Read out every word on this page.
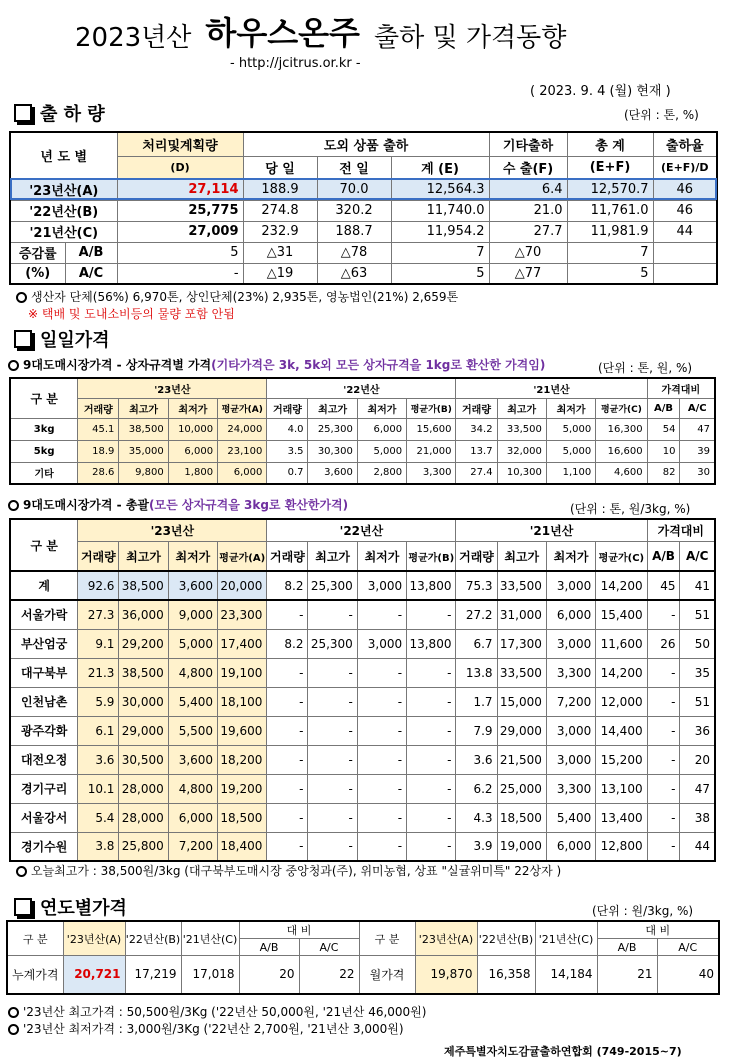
2023년산 하우스온주 출하 및 가격동향
- http://jcitrus.or.kr -
( 2023. 9. 4 (월) 현재 )
출 하 량	(단위 : 톤, %)
년 도 별		처리및계획량	도외 상품 출하			기타출하	총 계	출하율
		(D)	당 일	전 일	계 (E)	수 출(F)	(E+F)	(E+F)/D
'23년산(A)		27,114	188.9	70.0	12,564.3	6.4	12,570.7	46
'22년산(B)		25,775	274.8	320.2	11,740.0	21.0	11,761.0	46
'21년산(C)		27,009	232.9	188.7	11,954.2	27.7	11,981.9	44
증감률	A/B	5	△31	△78	7	△70	7	
(%)	A/C	-	△19	△63	5	△77	5	
생산자 단체(56%) 6,970톤, 상인단체(23%) 2,935톤, 영농법인(21%) 2,659톤
※ 택배 및 도내소비등의 물량 포함 안됨
일일가격
9대도매시장가격 - 상자규격별 가격(기타가격은 3k, 5k외 모든 상자규격을 1kg로 환산한 가격임)	(단위 : 톤, 원, %)
구 분	'23년산				'22년산				'21년산				가격대비	
	거래량	최고가	최저가	평균가(A)	거래량	최고가	최저가	평균가(B)	거래량	최고가	최저가	평균가(C)	A/B	A/C
3kg	45.1	38,500	10,000	24,000	4.0	25,300	6,000	15,600	34.2	33,500	5,000	16,300	54	47
5kg	18.9	35,000	6,000	23,100	3.5	30,300	5,000	21,000	13.7	32,000	5,000	16,600	10	39
기타	28.6	9,800	1,800	6,000	0.7	3,600	2,800	3,300	27.4	10,300	1,100	4,600	82	30
9대도매시장가격 - 총괄(모든 상자규격을 3kg로 환산한가격)	(단위 : 톤, 원/3kg, %)
구 분	'23년산				'22년산				'21년산				가격대비	
	거래량	최고가	최저가	평균가(A)	거래량	최고가	최저가	평균가(B)	거래량	최고가	최저가	평균가(C)	A/B	A/C
계	92.6	38,500	3,600	20,000	8.2	25,300	3,000	13,800	75.3	33,500	3,000	14,200	45	41
서울가락	27.3	36,000	9,000	23,300	-	-	-	-	27.2	31,000	6,000	15,400	-	51
부산엄궁	9.1	29,200	5,000	17,400	8.2	25,300	3,000	13,800	6.7	17,300	3,000	11,600	26	50
대구북부	21.3	38,500	4,800	19,100	-	-	-	-	13.8	33,500	3,300	14,200	-	35
인천남촌	5.9	30,000	5,400	18,100	-	-	-	-	1.7	15,000	7,200	12,000	-	51
광주각화	6.1	29,000	5,500	19,600	-	-	-	-	7.9	29,000	3,000	14,400	-	36
대전오정	3.6	30,500	3,600	18,200	-	-	-	-	3.6	21,500	3,000	15,200	-	20
경기구리	10.1	28,000	4,800	19,200	-	-	-	-	6.2	25,000	3,300	13,100	-	47
서울강서	5.4	28,000	6,000	18,500	-	-	-	-	4.3	18,500	5,400	13,400	-	38
경기수원	3.8	25,800	7,200	18,400	-	-	-	-	3.9	19,000	6,000	12,800	-	44
오늘최고가 : 38,500원/3kg (대구북부도매시장 중앙청과(주), 위미농협, 상표 "실귤위미특" 22상자 )
연도별가격	(단위 : 원/3kg, %)
구 분	'23년산(A)	'22년산(B)	'21년산(C)	대 비		구 분	'23년산(A)	'22년산(B)	'21년산(C)	대 비	
				A/B	A/C					A/B	A/C
누계가격	20,721	17,219	17,018	20	22	월가격	19,870	16,358	14,184	21	40
'23년산 최고가격 : 50,500원/3Kg ('22년산 50,000원, '21년산 46,000원)
'23년산 최저가격 : 3,000원/3Kg ('22년산 2,700원, '21년산 3,000원)
제주특별자치도감귤출하연합회 (749-2015~7)
